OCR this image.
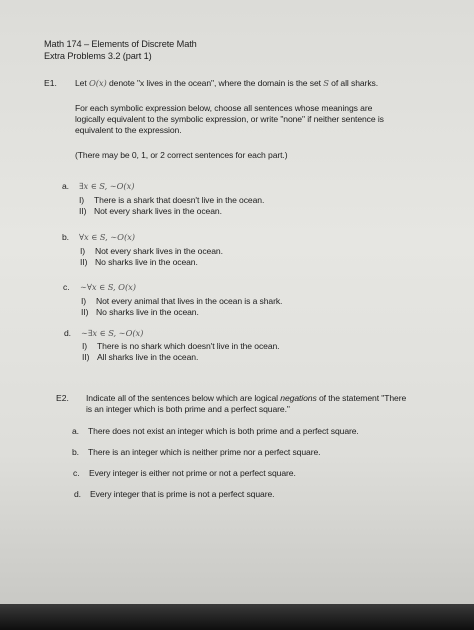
Math 174 – Elements of Discrete Math
Extra Problems 3.2 (part 1)
E1. Let O(x) denote "x lives in the ocean", where the domain is the set S of all sharks.
For each symbolic expression below, choose all sentences whose meanings are
logically equivalent to the symbolic expression, or write "none" if neither sentence is
equivalent to the expression.
(There may be 0, 1, or 2 correct sentences for each part.)
a. ∃x ∈ S, ∼O(x)
I) There is a shark that doesn't live in the ocean.
II) Not every shark lives in the ocean.
b. ∀x ∈ S, ∼O(x)
I) Not every shark lives in the ocean.
II) No sharks live in the ocean.
c. ∼∀x ∈ S, O(x)
I) Not every animal that lives in the ocean is a shark.
II) No sharks live in the ocean.
d. ∼∃x ∈ S, ∼O(x)
I) There is no shark which doesn't live in the ocean.
II) All sharks live in the ocean.
E2. Indicate all of the sentences below which are logical negations of the statement "There
is an integer which is both prime and a perfect square."
a. There does not exist an integer which is both prime and a perfect square.
b. There is an integer which is neither prime nor a perfect square.
c. Every integer is either not prime or not a perfect square.
d. Every integer that is prime is not a perfect square.
